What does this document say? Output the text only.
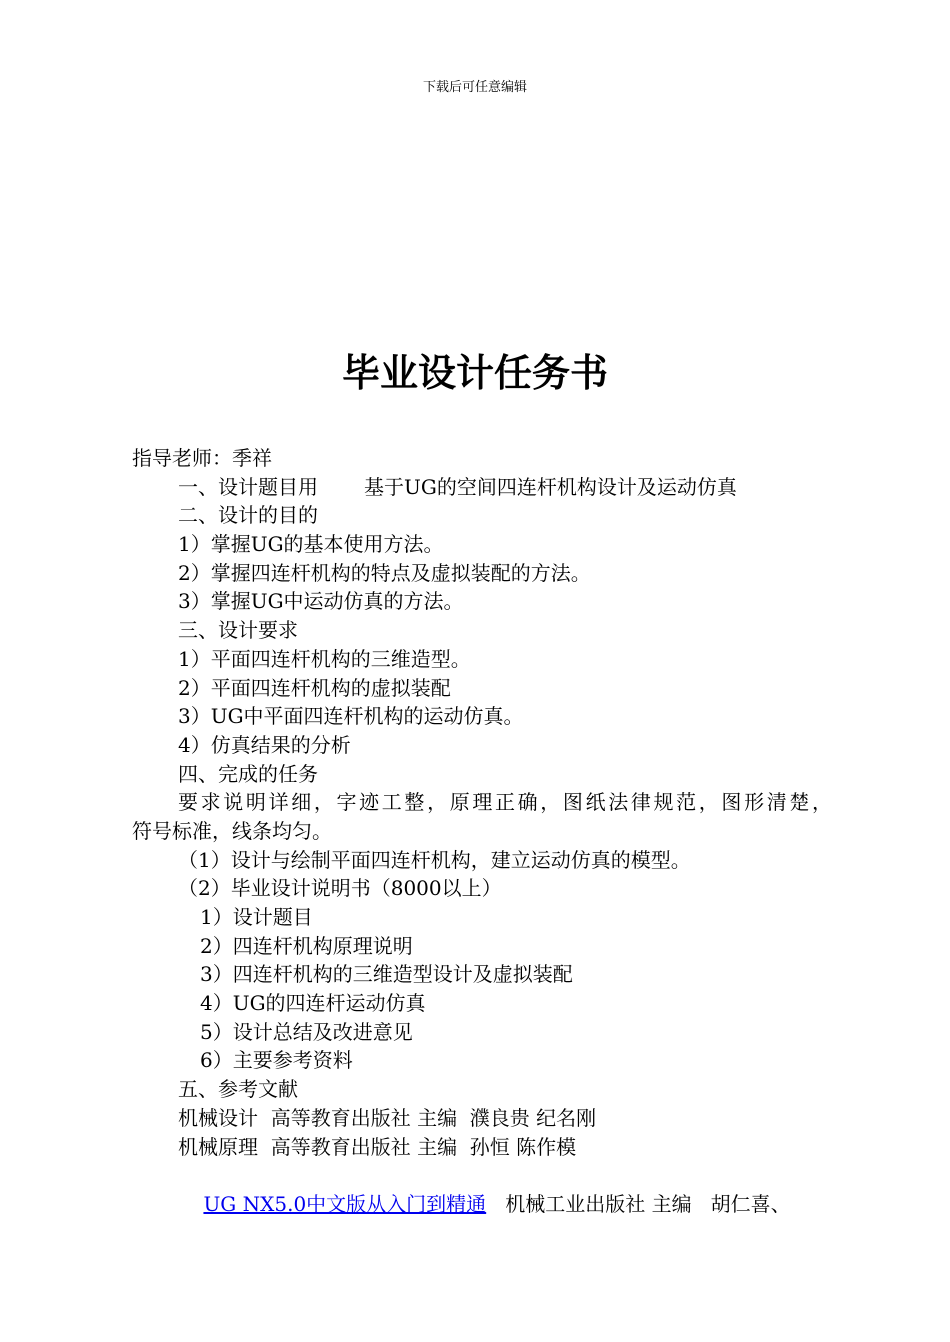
下载后可任意编辑
毕业设计任务书
指导老师：季祥
一、设计题目用 基于UG的空间四连杆机构设计及运动仿真
二、设计的目的
1）掌握UG的基本使用方法。
2）掌握四连杆机构的特点及虚拟装配的方法。
3）掌握UG中运动仿真的方法。
三、设计要求
1）平面四连杆机构的三维造型。
2）平面四连杆机构的虚拟装配
3）UG中平面四连杆机构的运动仿真。
4）仿真结果的分析
四、完成的任务
要求说明详细，字迹工整，原理正确，图纸法律规范，图形清楚，
符号标准，线条均匀。
（1）设计与绘制平面四连杆机构，建立运动仿真的模型。
（2）毕业设计说明书（8000以上）
1）设计题目
2）四连杆机构原理说明
3）四连杆机构的三维造型设计及虚拟装配
4）UG的四连杆运动仿真
5）设计总结及改进意见
6）主要参考资料
五、参考文献
机械设计  高等教育出版社 主编  濮良贵 纪名刚
机械原理  高等教育出版社 主编  孙恒 陈作模

UG NX5.0中文版从入门到精通   机械工业出版社 主编   胡仁喜、
